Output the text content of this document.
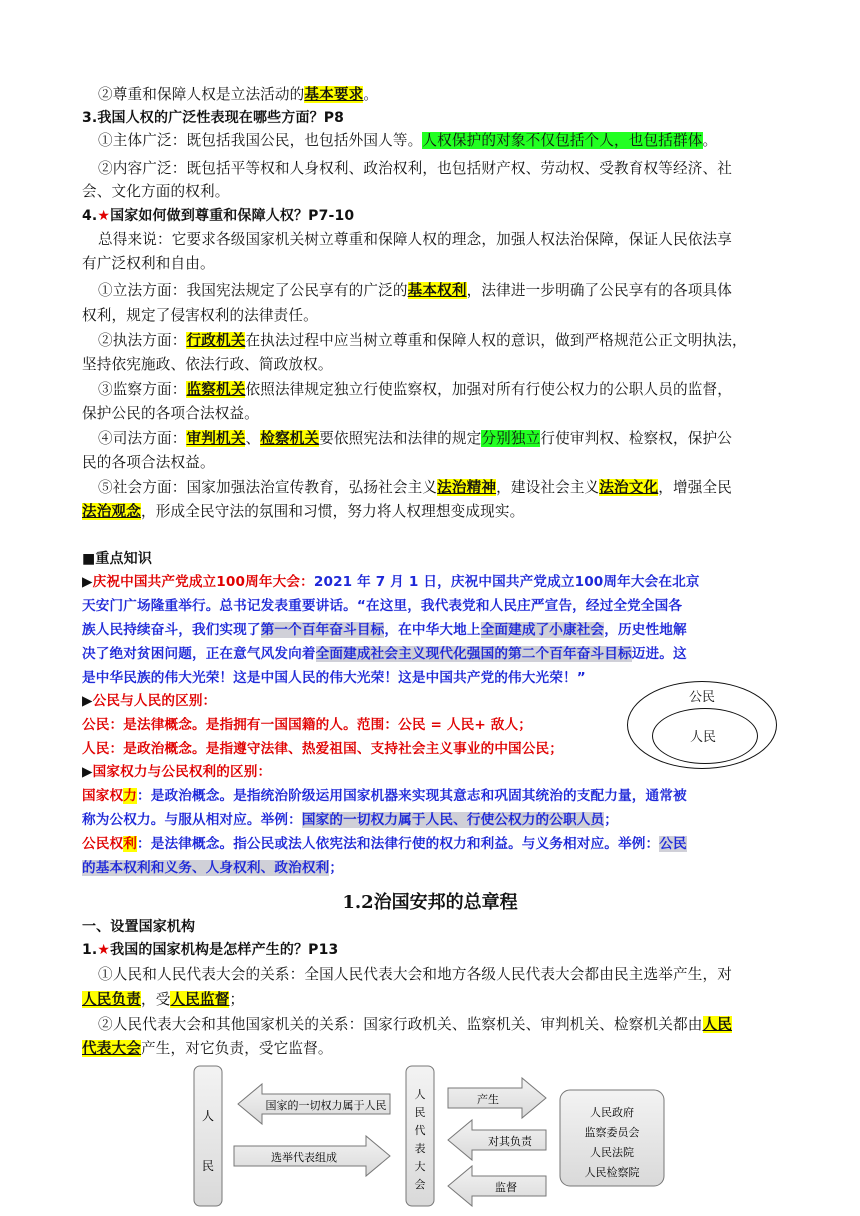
②尊重和保障人权是立法活动的基本要求。
3.我国人权的广泛性表现在哪些方面？P8
①主体广泛：既包括我国公民，也包括外国人等。人权保护的对象不仅包括个人，也包括群体。
②内容广泛：既包括平等权和人身权利、政治权利，也包括财产权、劳动权、受教育权等经济、社
会、文化方面的权利。
4.★国家如何做到尊重和保障人权？P7-10
总得来说：它要求各级国家机关树立尊重和保障人权的理念，加强人权法治保障，保证人民依法享
有广泛权利和自由。
①立法方面：我国宪法规定了公民享有的广泛的基本权利，法律进一步明确了公民享有的各项具体
权利，规定了侵害权利的法律责任。
②执法方面：行政机关在执法过程中应当树立尊重和保障人权的意识，做到严格规范公正文明执法，
坚持依宪施政、依法行政、简政放权。
③监察方面：监察机关依照法律规定独立行使监察权，加强对所有行使公权力的公职人员的监督，
保护公民的各项合法权益。
④司法方面：审判机关、检察机关要依照宪法和法律的规定分别独立行使审判权、检察权，保护公
民的各项合法权益。
⑤社会方面：国家加强法治宣传教育，弘扬社会主义法治精神，建设社会主义法治文化，增强全民
法治观念，形成全民守法的氛围和习惯，努力将人权理想变成现实。
■重点知识
▶庆祝中国共产党成立100周年大会：2021 年 7 月 1 日，庆祝中国共产党成立100周年大会在北京
天安门广场隆重举行。总书记发表重要讲话。“在这里，我代表党和人民庄严宣告，经过全党全国各
族人民持续奋斗，我们实现了第一个百年奋斗目标，在中华大地上全面建成了小康社会，历史性地解
决了绝对贫困问题，正在意气风发向着全面建成社会主义现代化强国的第二个百年奋斗目标迈进。这
是中华民族的伟大光荣！这是中国人民的伟大光荣！这是中国共产党的伟大光荣！”
▶公民与人民的区别：
公民：是法律概念。是指拥有一国国籍的人。范围：公民 = 人民+ 敌人；
人民：是政治概念。是指遵守法律、热爱祖国、支持社会主义事业的中国公民；
公民
人民
▶国家权力与公民权利的区别：
国家权力：是政治概念。是指统治阶级运用国家机器来实现其意志和巩固其统治的支配力量，通常被
称为公权力。与服从相对应。举例：国家的一切权力属于人民、行使公权力的公职人员；
公民权利：是法律概念。指公民或法人依宪法和法律行使的权力和利益。与义务相对应。举例：公民
的基本权利和义务、人身权利、政治权利；
1.2治国安邦的总章程
一、设置国家机构
1.★我国的国家机构是怎样产生的？P13
①人民和人民代表大会的关系：全国人民代表大会和地方各级人民代表大会都由民主选举产生，对
人民负责，受人民监督；
②人民代表大会和其他国家机关的关系：国家行政机关、监察机关、审判机关、检察机关都由人民
代表大会产生，对它负责，受它监督。
人
民
国家的一切权力属于人民
选举代表组成
人
民
代
表
大
会
产生
对其负责
监督
人民政府
监察委员会
人民法院
人民检察院
